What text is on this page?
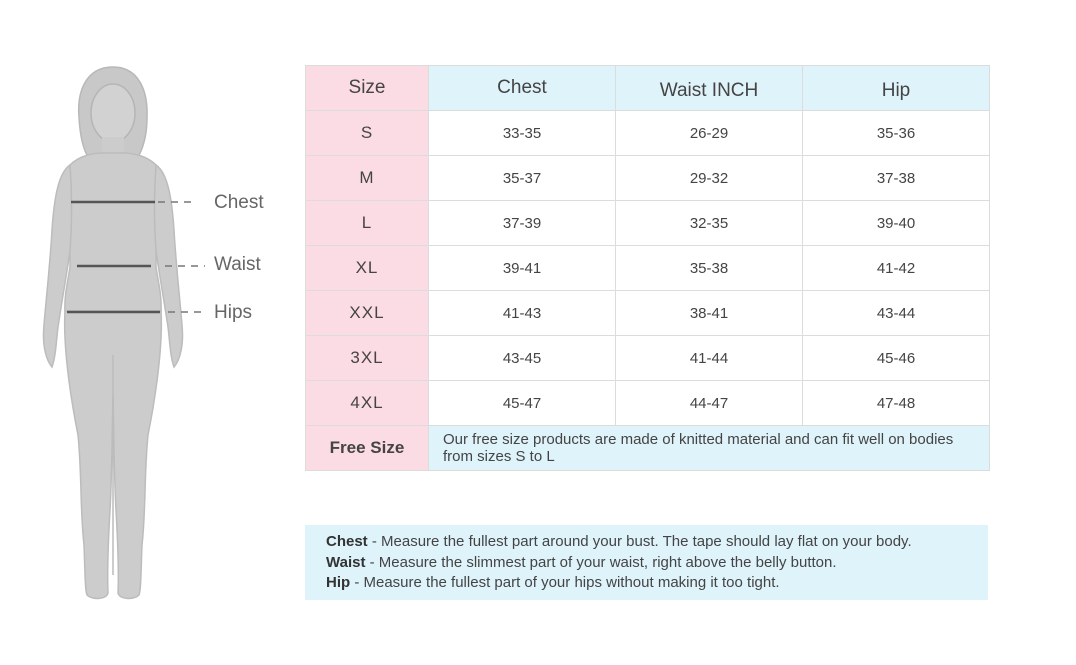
Chest
Waist
Hips
Size	Chest	Waist INCH	Hip
S	33-35	26-29	35-36
M	35-37	29-32	37-38
L	37-39	32-35	39-40
XL	39-41	35-38	41-42
XXL	41-43	38-41	43-44
3XL	43-45	41-44	45-46
4XL	45-47	44-47	47-48
Free Size	Our free size products are made of knitted material and can fit well on bodies from sizes S to L		
Chest - Measure the fullest part around your bust. The tape should lay flat on your body.
Waist - Measure the slimmest part of your waist, right above the belly button.
Hip - Measure the fullest part of your hips without making it too tight.
